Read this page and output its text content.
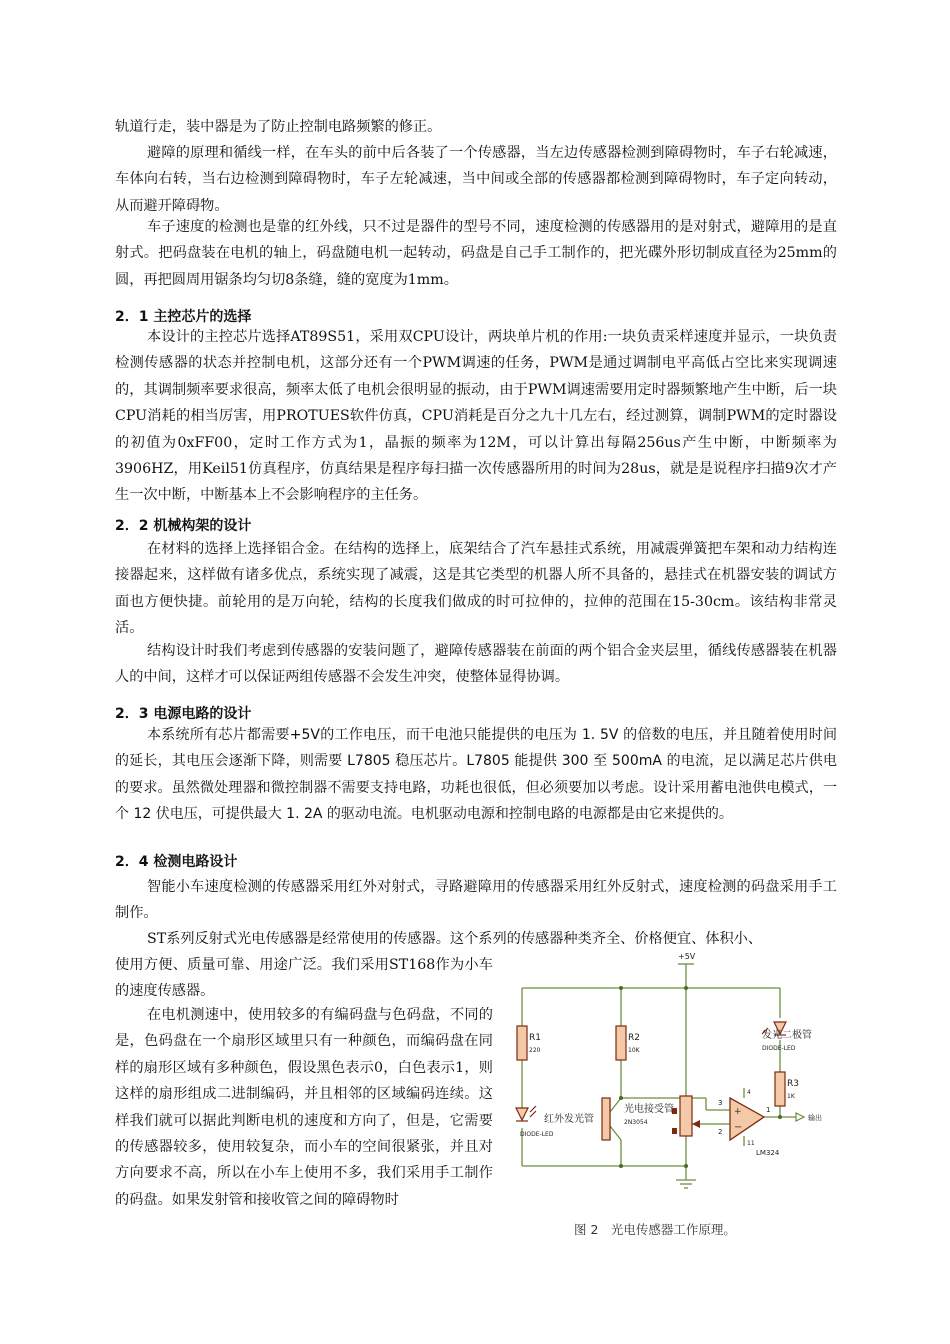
轨道行走，装中器是为了防止控制电路频繁的修正。

避障的原理和循线一样，在车头的前中后各装了一个传感器，当左边传感器检测到障碍物时，车子右轮减速，车体向右转，当右边检测到障碍物时，车子左轮减速，当中间或全部的传感器都检测到障碍物时，车子定向转动，从而避开障碍物。

车子速度的检测也是靠的红外线，只不过是器件的型号不同，速度检测的传感器用的是对射式，避障用的是直射式。把码盘装在电机的轴上，码盘随电机一起转动，码盘是自己手工制作的，把光碟外形切制成直径为25mm的圆，再把圆周用锯条均匀切8条缝，缝的宽度为1mm。

2．1 主控芯片的选择

本设计的主控芯片选择AT89S51，采用双CPU设计，两块单片机的作用:一块负责采样速度并显示，一块负责检测传感器的状态并控制电机，这部分还有一个PWM调速的任务，PWM是通过调制电平高低占空比来实现调速的，其调制频率要求很高，频率太低了电机会很明显的振动，由于PWM调速需要用定时器频繁地产生中断，后一块CPU消耗的相当厉害，用PROTUES软件仿真，CPU消耗是百分之九十几左右，经过测算，调制PWM的定时器设的初值为0xFF00，定时工作方式为1，晶振的频率为12M，可以计算出每隔256us产生中断，中断频率为3906HZ，用Keil51仿真程序，仿真结果是程序每扫描一次传感器所用的时间为28us，就是是说程序扫描9次才产生一次中断，中断基本上不会影响程序的主任务。

2．2 机械构架的设计

在材料的选择上选择铝合金。在结构的选择上，底架结合了汽车悬挂式系统，用减震弹簧把车架和动力结构连接器起来，这样做有诸多优点，系统实现了减震，这是其它类型的机器人所不具备的，悬挂式在机器安装的调试方面也方便快捷。前轮用的是万向轮，结构的长度我们做成的时可拉伸的，拉伸的范围在15-30cm。该结构非常灵活。

结构设计时我们考虑到传感器的安装问题了，避障传感器装在前面的两个铝合金夹层里，循线传感器装在机器人的中间，这样才可以保证两组传感器不会发生冲突，使整体显得协调。

2．3 电源电路的设计

本系统所有芯片都需要+5V的工作电压，而干电池只能提供的电压为 1. 5V 的倍数的电压，并且随着使用时间的延长，其电压会逐渐下降，则需要 L7805 稳压芯片。L7805 能提供 300 至 500mA 的电流，足以满足芯片供电的要求。虽然微处理器和微控制器不需要支持电路，功耗也很低，但必须要加以考虑。设计采用蓄电池供电模式，一个 12 伏电压，可提供最大 1. 2A 的驱动电流。电机驱动电源和控制电路的电源都是由它来提供的。

2．4 检测电路设计

智能小车速度检测的传感器采用红外对射式，寻路避障用的传感器采用红外反射式，速度检测的码盘采用手工制作。

ST系列反射式光电传感器是经常使用的传感器。这个系列的传感器种类齐全、价格便宜、体积小、

使用方便、质量可靠、用途广泛。我们采用ST168作为小车的速度传感器。

在电机测速中，使用较多的有编码盘与色码盘，不同的是，色码盘在一个扇形区域里只有一种颜色，而编码盘在同样的扇形区域有多种颜色，假设黑色表示0，白色表示1，则这样的扇形组成二进制编码，并且相邻的区域编码连续。这样我们就可以据此判断电机的速度和方向了，但是，它需要的传感器较多，使用较复杂，而小车的空间很紧张，并且对方向要求不高，所以在小车上使用不多，我们采用手工制作的码盘。如果发射管和接收管之间的障碍物时

+
−
+5V
R1
220
R2
10K
R3
1K
红外发光管
DIODE-LED
光电接受管
2N3054
发光二极管
DIODE-LED
LM324
输出
3
2
1
4
11
图 2　光电传感器工作原理。
